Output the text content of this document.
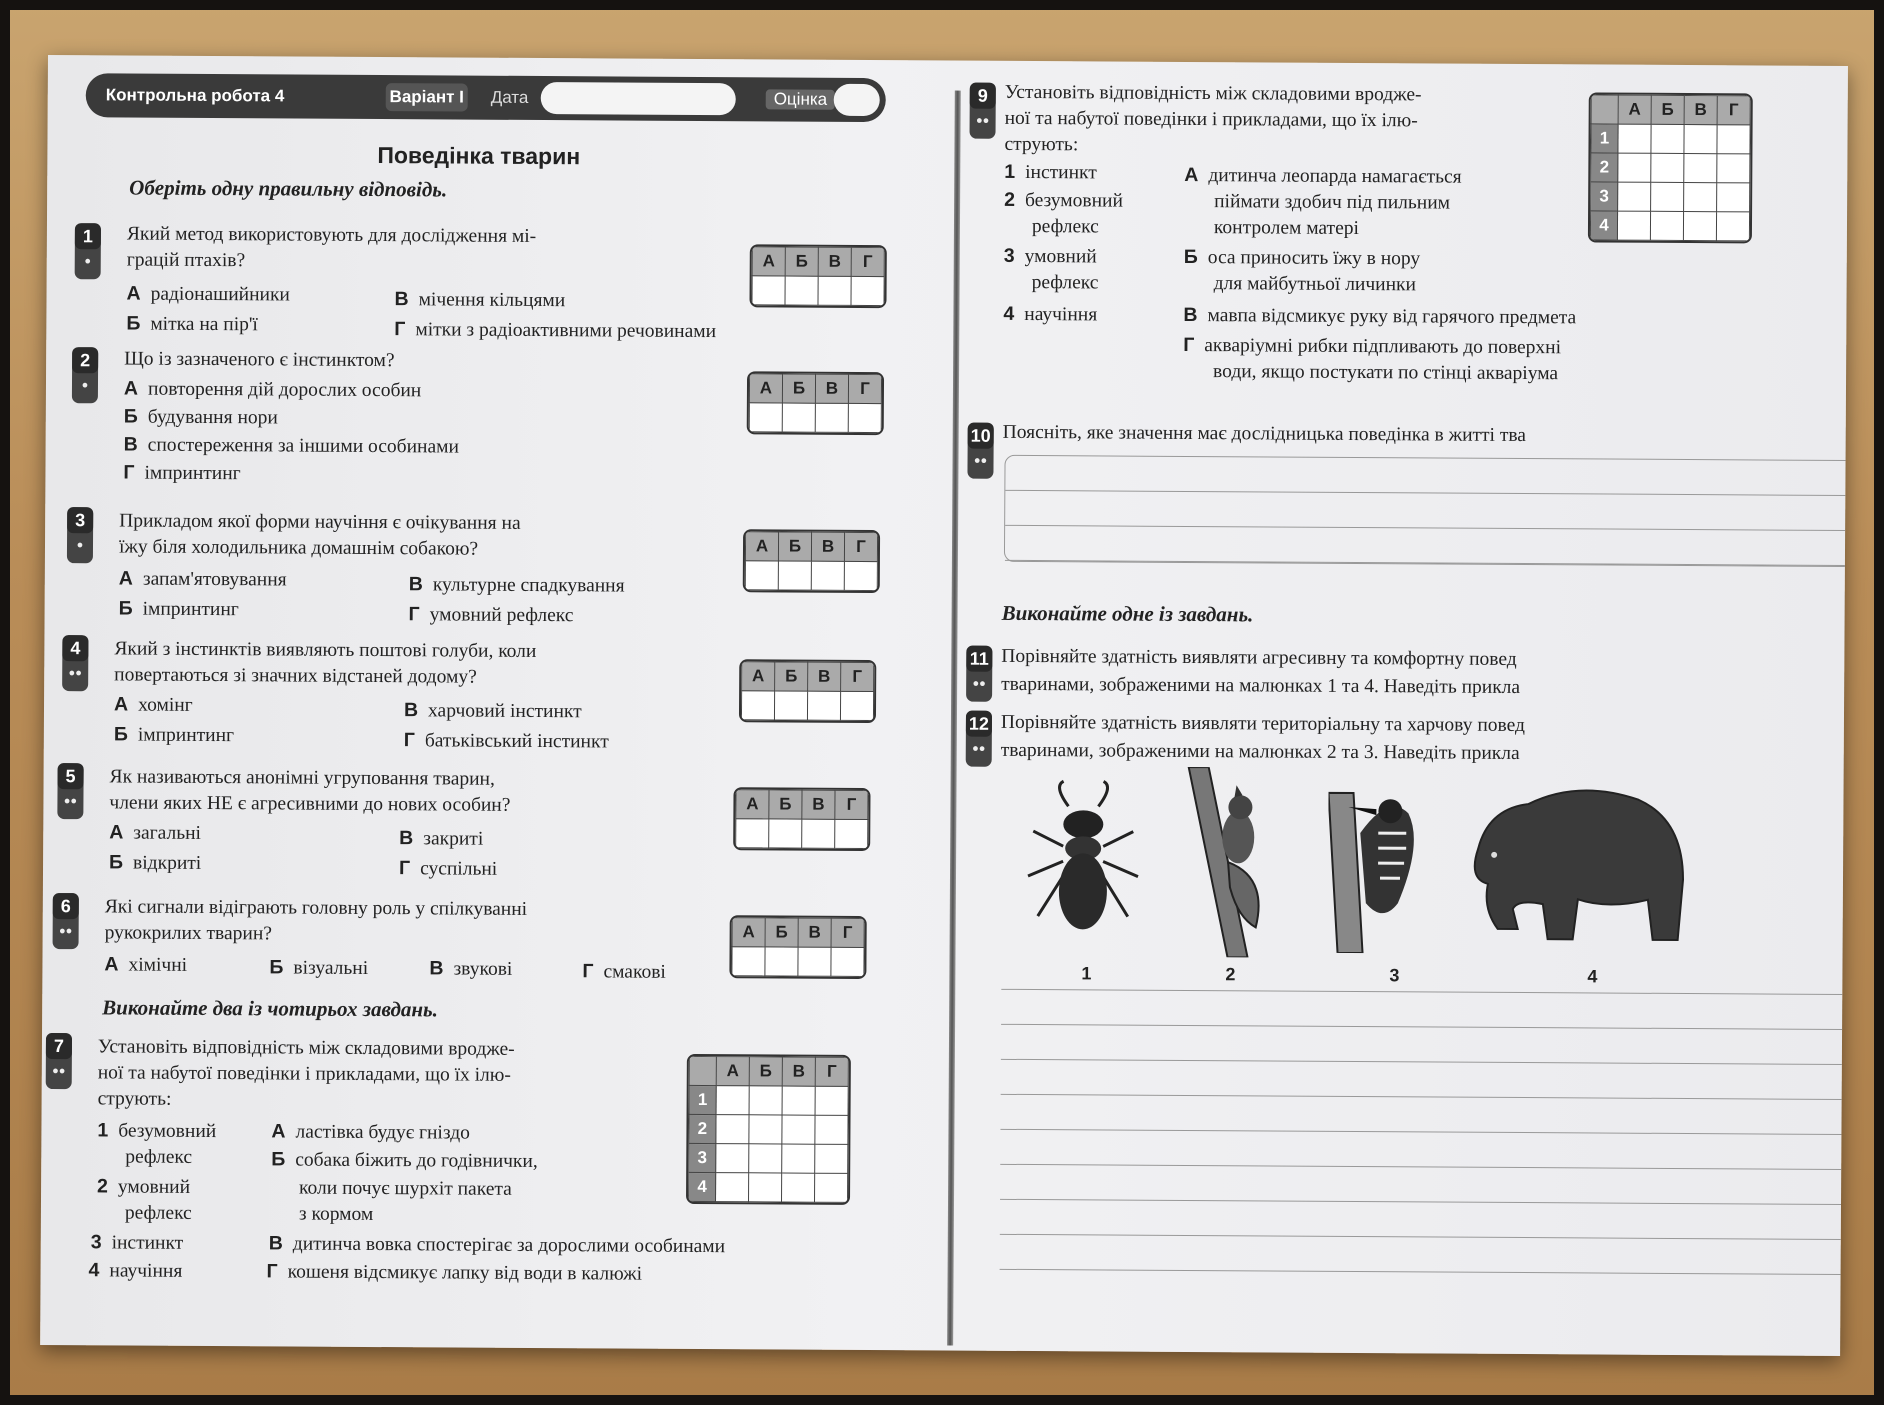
Контрольна робота 4	Варіант І Дата	Оцінка
Поведінка тварин
Оберіть одну правильну відповідь.
1
●
Який метод використовують для дослідження мі-
грацій птахів?
А радіонашийники	В мічення кільцями
Б мітка на пір'ї	Г мітки з радіоактивними речовинами
А	Б	В	Г

2
●
Що із зазначеного є інстинктом?
А повторення дій дорослих особин
Б будування нори
В спостереження за іншими особинами
Г імпринтинг
А	Б	В	Г

3
●
Прикладом якої форми научіння є очікування на
їжу біля холодильника домашнім собакою?
А запам'ятовування	В культурне спадкування
Б імпринтинг	Г умовний рефлекс
А	Б	В	Г

4
●●
Який з інстинктів виявляють поштові голуби, коли
повертаються зі значних відстаней додому?
А хомінг	В харчовий інстинкт
Б імпринтинг	Г батьківський інстинкт
А	Б	В	Г

5
●●
Як називаються анонімні угруповання тварин,
члени яких НЕ є агресивними до нових особин?
А загальні	В закриті
Б відкриті	Г суспільні
А	Б	В	Г

6
●●
Які сигнали відіграють головну роль у спілкуванні
рукокрилих тварин?
А хімічні	Б візуальні	В звукові	Г смакові
А	Б	В	Г

Виконайте два із чотирьох завдань.
7
●●
Установіть відповідність між складовими вродже-
ної та набутої поведінки і прикладами, що їх ілю-
струють:
1 безумовний
рефлекс
2 умовний
рефлекс
3 інстинкт
4 научіння
А ластівка будує гніздо
Б собака біжить до годівнички,
коли почує шурхіт пакета
з кормом
В дитинча вовка спостерігає за дорослими особинами
Г кошеня відсмикує лапку від води в калюжі
	А	Б	В	Г
1				
2				
3				
4				
9
●●
Установіть відповідність між складовими вродже-
ної та набутої поведінки і прикладами, що їх ілю-
струють:
1 інстинкт
2 безумовний
рефлекс
3 умовний
рефлекс
4 научіння
А дитинча леопарда намагається
піймати здобич під пильним
контролем матері
Б оса приносить їжу в нору
для майбутньої личинки
В мавпа відсмикує руку від гарячого предмета
Г акваріумні рибки підпливають до поверхні
води, якщо постукати по стінці акваріума
	А	Б	В	Г
1				
2				
3				
4				
10
●●
Поясніть, яке значення має дослідницька поведінка в житті тва
Виконайте одне із завдань.
11
●●
Порівняйте здатність виявляти агресивну та комфортну повед
тваринами, зображеними на малюнках 1 та 4. Наведіть прикла
12
●●
Порівняйте здатність виявляти територіальну та харчову повед
тваринами, зображеними на малюнках 2 та 3. Наведіть прикла
1	2	3	4
